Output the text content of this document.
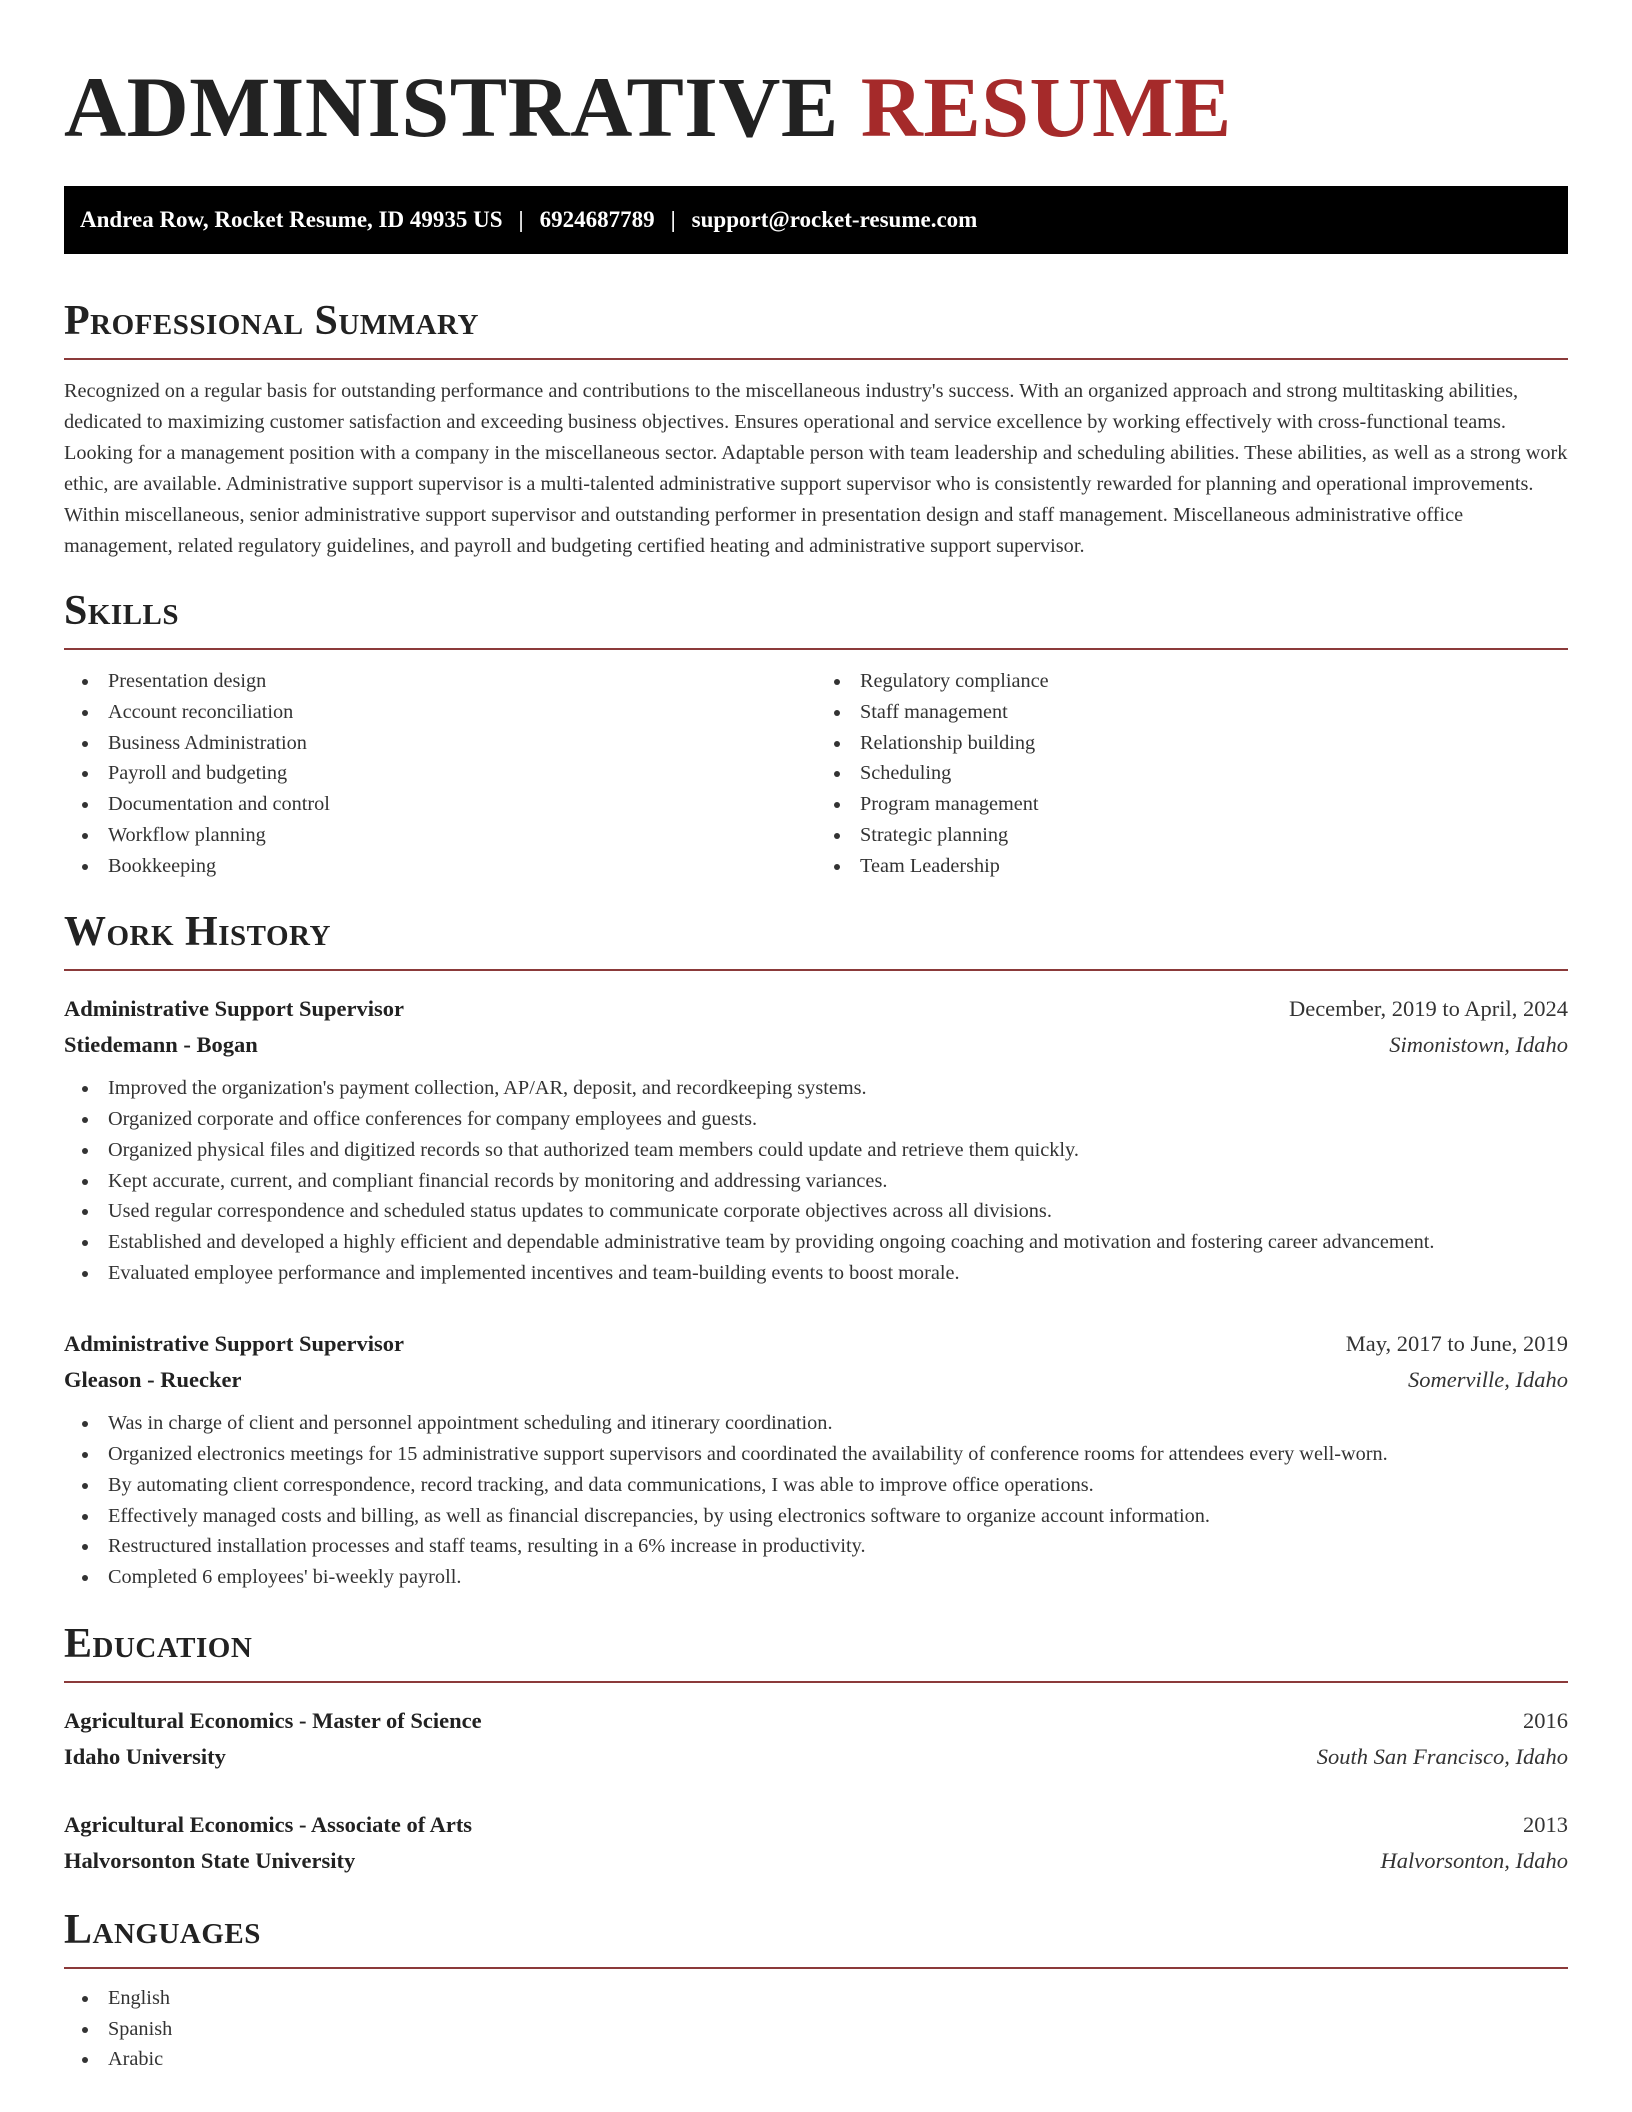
ADMINISTRATIVE RESUME
Andrea Row, Rocket Resume, ID 49935 US | 6924687789 | support@rocket-resume.com
Professional Summary

Recognized on a regular basis for outstanding performance and contributions to the miscellaneous industry's success. With an organized approach and strong multitasking abilities, dedicated to maximizing customer satisfaction and exceeding business objectives. Ensures operational and service excellence by working effectively with cross-functional teams. Looking for a management position with a company in the miscellaneous sector. Adaptable person with team leadership and scheduling abilities. These abilities, as well as a strong work ethic, are available. Administrative support supervisor is a multi-talented administrative support supervisor who is consistently rewarded for planning and operational improvements. Within miscellaneous, senior administrative support supervisor and outstanding performer in presentation design and staff management. Miscellaneous administrative office management, related regulatory guidelines, and payroll and budgeting certified heating and administrative support supervisor.

Skills
Presentation design
Account reconciliation
Business Administration
Payroll and budgeting
Documentation and control
Workflow planning
Bookkeeping
Regulatory compliance
Staff management
Relationship building
Scheduling
Program management
Strategic planning
Team Leadership
Work History
Administrative Support Supervisor	December, 2019 to April, 2024
Stiedemann - Bogan	Simonistown, Idaho
Improved the organization's payment collection, AP/AR, deposit, and recordkeeping systems.
Organized corporate and office conferences for company employees and guests.
Organized physical files and digitized records so that authorized team members could update and retrieve them quickly.
Kept accurate, current, and compliant financial records by monitoring and addressing variances.
Used regular correspondence and scheduled status updates to communicate corporate objectives across all divisions.
Established and developed a highly efficient and dependable administrative team by providing ongoing coaching and motivation and fostering career advancement.
Evaluated employee performance and implemented incentives and team-building events to boost morale.
Administrative Support Supervisor	May, 2017 to June, 2019
Gleason - Ruecker	Somerville, Idaho
Was in charge of client and personnel appointment scheduling and itinerary coordination.
Organized electronics meetings for 15 administrative support supervisors and coordinated the availability of conference rooms for attendees every well-worn.
By automating client correspondence, record tracking, and data communications, I was able to improve office operations.
Effectively managed costs and billing, as well as financial discrepancies, by using electronics software to organize account information.
Restructured installation processes and staff teams, resulting in a 6% increase in productivity.
Completed 6 employees' bi-weekly payroll.
Education
Agricultural Economics - Master of Science	2016
Idaho University	South San Francisco, Idaho
Agricultural Economics - Associate of Arts	2013
Halvorsonton State University	Halvorsonton, Idaho
Languages
English
Spanish
Arabic
